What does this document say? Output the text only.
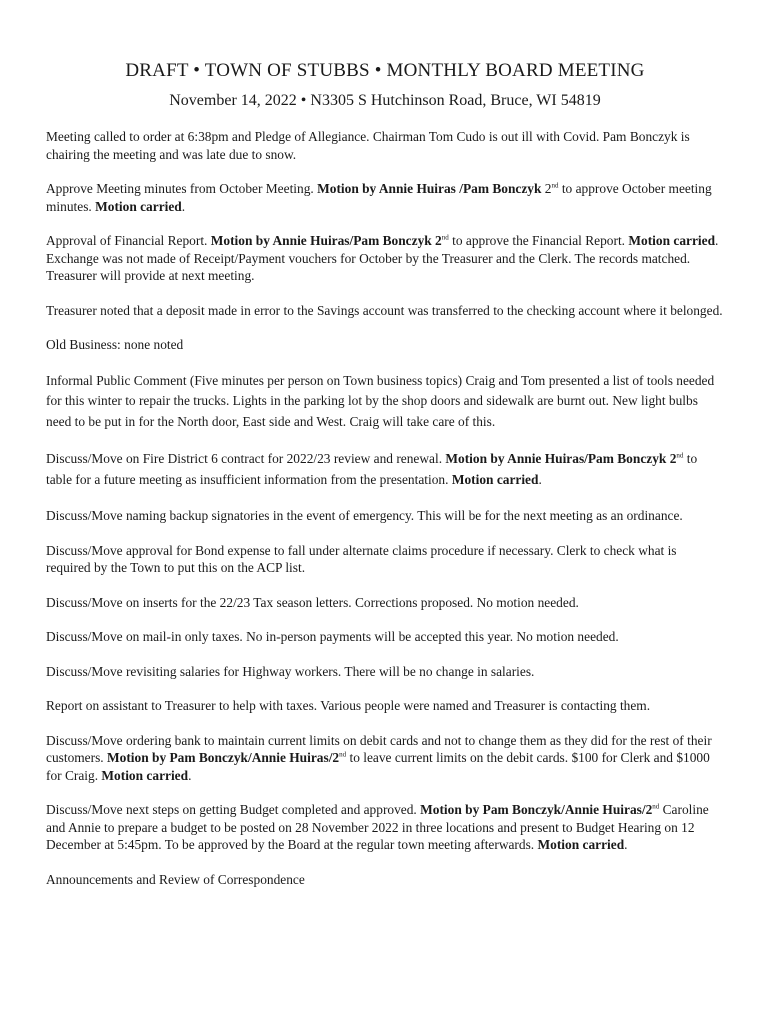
DRAFT • TOWN OF STUBBS • MONTHLY BOARD MEETING
November 14, 2022 • N3305 S Hutchinson Road, Bruce, WI 54819

Meeting called to order at 6:38pm and Pledge of Allegiance. Chairman Tom Cudo is out ill with Covid. Pam Bonczyk is chairing the meeting and was late due to snow.

Approve Meeting minutes from October Meeting. Motion by Annie Huiras /Pam Bonczyk 2nd to approve October meeting minutes. Motion carried.

Approval of Financial Report. Motion by Annie Huiras/Pam Bonczyk 2nd to approve the Financial Report. Motion carried. Exchange was not made of Receipt/Payment vouchers for October by the Treasurer and the Clerk. The records matched. Treasurer will provide at next meeting.

Treasurer noted that a deposit made in error to the Savings account was transferred to the checking account where it belonged.

Old Business: none noted

Informal Public Comment (Five minutes per person on Town business topics) Craig and Tom presented a list of tools needed for this winter to repair the trucks. Lights in the parking lot by the shop doors and sidewalk are burnt out. New light bulbs need to be put in for the North door, East side and West. Craig will take care of this.

Discuss/Move on Fire District 6 contract for 2022/23 review and renewal. Motion by Annie Huiras/Pam Bonczyk 2nd to table for a future meeting as insufficient information from the presentation. Motion carried.

Discuss/Move naming backup signatories in the event of emergency. This will be for the next meeting as an ordinance.

Discuss/Move approval for Bond expense to fall under alternate claims procedure if necessary. Clerk to check what is required by the Town to put this on the ACP list.

Discuss/Move on inserts for the 22/23 Tax season letters. Corrections proposed. No motion needed.

Discuss/Move on mail-in only taxes. No in-person payments will be accepted this year. No motion needed.

Discuss/Move revisiting salaries for Highway workers. There will be no change in salaries.

Report on assistant to Treasurer to help with taxes. Various people were named and Treasurer is contacting them.

Discuss/Move ordering bank to maintain current limits on debit cards and not to change them as they did for the rest of their customers. Motion by Pam Bonczyk/Annie Huiras/2nd to leave current limits on the debit cards. $100 for Clerk and $1000 for Craig. Motion carried.

Discuss/Move next steps on getting Budget completed and approved. Motion by Pam Bonczyk/Annie Huiras/2nd Caroline and Annie to prepare a budget to be posted on 28 November 2022 in three locations and present to Budget Hearing on 12 December at 5:45pm. To be approved by the Board at the regular town meeting afterwards. Motion carried.

Announcements and Review of Correspondence
